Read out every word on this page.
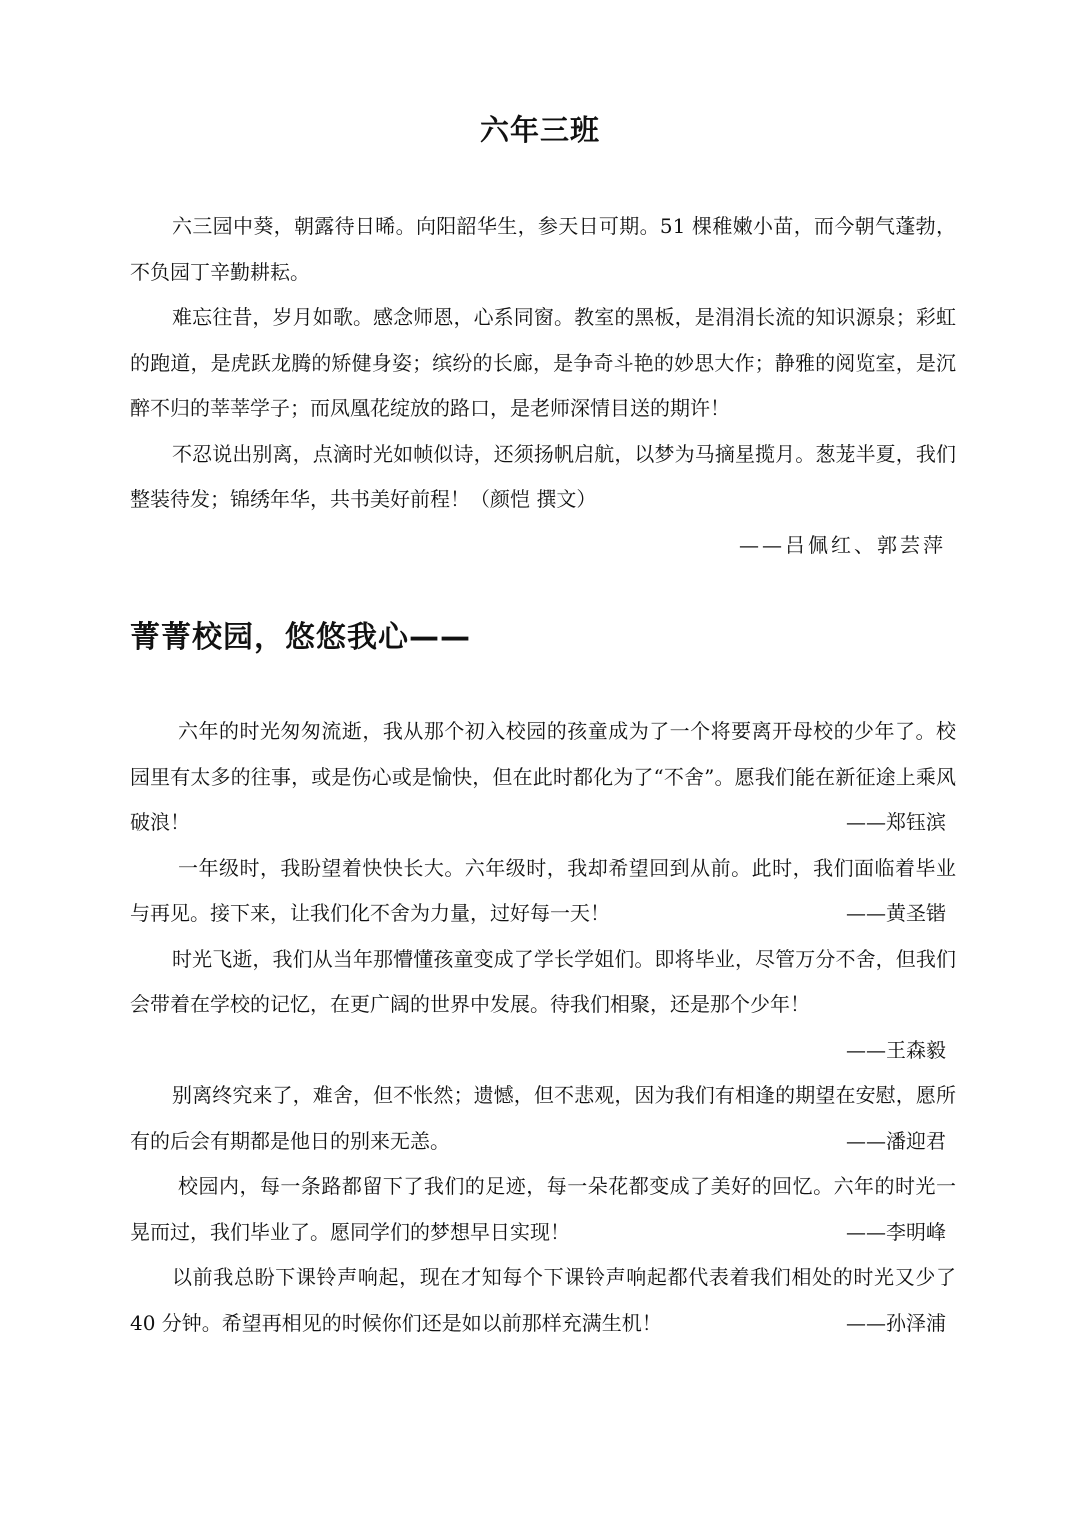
六年三班

六三园中葵，朝露待日晞。向阳韶华生，参天日可期。51 棵稚嫩小苗，而今朝气蓬勃，不负园丁辛勤耕耘。

难忘往昔，岁月如歌。感念师恩，心系同窗。教室的黑板，是涓涓长流的知识源泉；彩虹的跑道，是虎跃龙腾的矫健身姿；缤纷的长廊，是争奇斗艳的妙思大作；静雅的阅览室，是沉醉不归的莘莘学子；而凤凰花绽放的路口，是老师深情目送的期许！

不忍说出别离，点滴时光如帧似诗，还须扬帆启航，以梦为马摘星揽月。葱茏半夏，我们整装待发；锦绣年华，共书美好前程！（颜恺 撰文）

——吕佩红、郭芸萍

菁菁校园，悠悠我心——

六年的时光匆匆流逝，我从那个初入校园的孩童成为了一个将要离开母校的少年了。校园里有太多的往事，或是伤心或是愉快，但在此时都化为了“不舍”。愿我们能在新征途上乘风破浪！	——郑钰滨

一年级时，我盼望着快快长大。六年级时，我却希望回到从前。此时，我们面临着毕业与再见。接下来，让我们化不舍为力量，过好每一天！	——黄圣锴

时光飞逝，我们从当年那懵懂孩童变成了学长学姐们。即将毕业，尽管万分不舍，但我们会带着在学校的记忆，在更广阔的世界中发展。待我们相聚，还是那个少年！

——王森毅

别离终究来了，难舍，但不怅然；遗憾，但不悲观，因为我们有相逢的期望在安慰，愿所有的后会有期都是他日的别来无恙。	——潘迎君

校园内，每一条路都留下了我们的足迹，每一朵花都变成了美好的回忆。六年的时光一晃而过，我们毕业了。愿同学们的梦想早日实现！	——李明峰

以前我总盼下课铃声响起，现在才知每个下课铃声响起都代表着我们相处的时光又少了 40 分钟。希望再相见的时候你们还是如以前那样充满生机！	——孙泽浦
